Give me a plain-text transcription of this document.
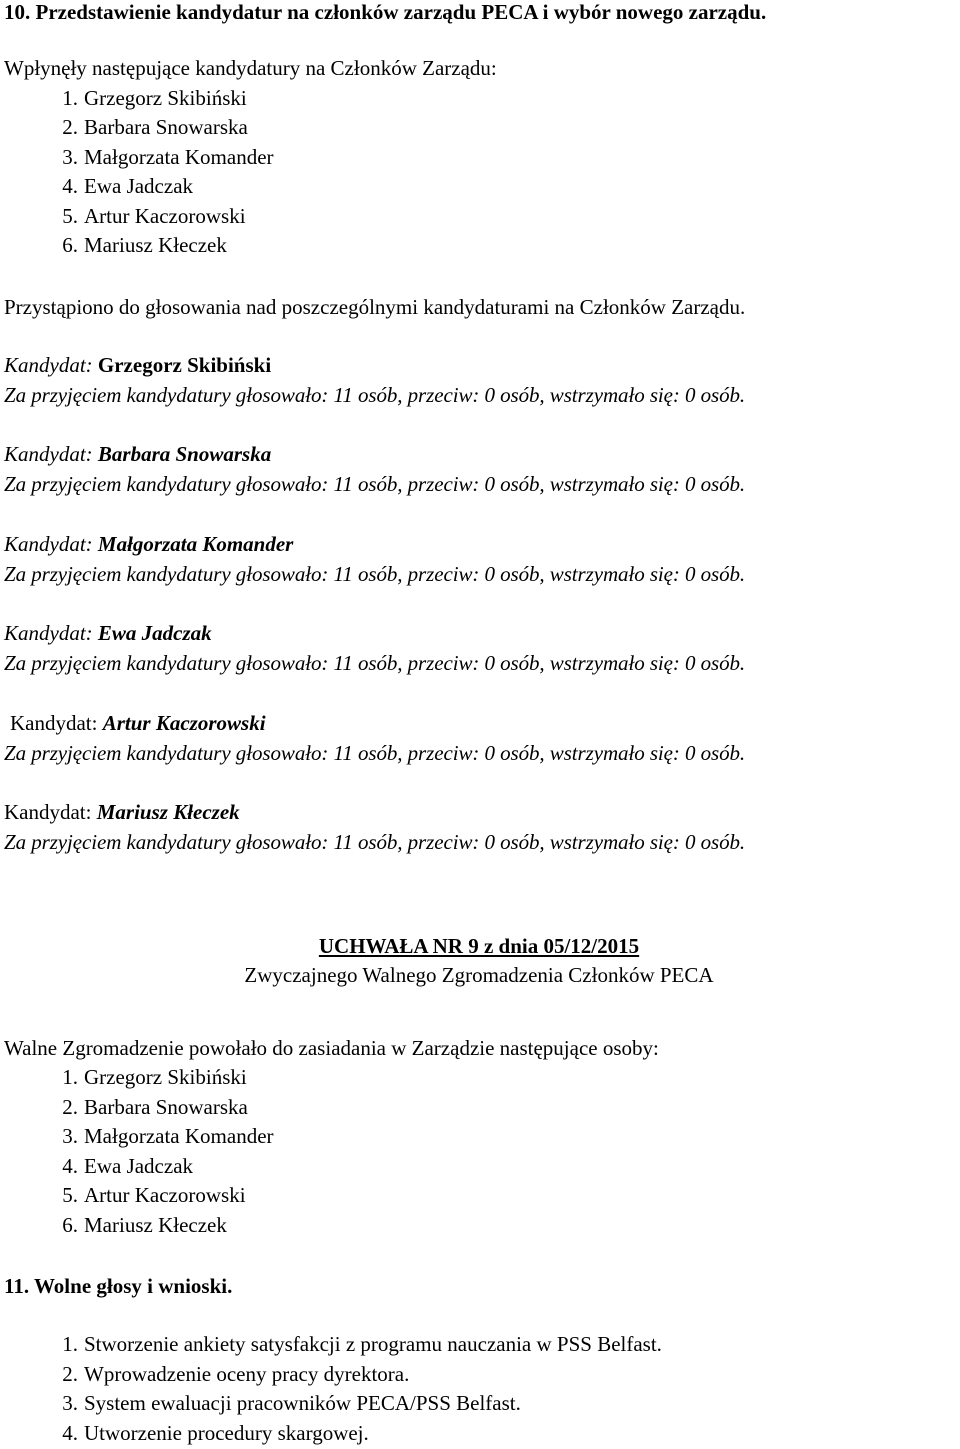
10. Przedstawienie kandydatur na członków zarządu PECA i wybór nowego zarządu.
Wpłynęły następujące kandydatury na Członków Zarządu:
1. Grzegorz Skibiński
2. Barbara Snowarska
3. Małgorzata Komander
4. Ewa Jadczak
5. Artur Kaczorowski
6. Mariusz Kłeczek
Przystąpiono do głosowania nad poszczególnymi kandydaturami na Członków Zarządu.
Kandydat: Grzegorz Skibiński
Za przyjęciem kandydatury głosowało: 11 osób, przeciw: 0 osób, wstrzymało się: 0 osób.
Kandydat: Barbara Snowarska
Za przyjęciem kandydatury głosowało: 11 osób, przeciw: 0 osób, wstrzymało się: 0 osób.
Kandydat: Małgorzata Komander
Za przyjęciem kandydatury głosowało: 11 osób, przeciw: 0 osób, wstrzymało się: 0 osób.
Kandydat: Ewa Jadczak
Za przyjęciem kandydatury głosowało: 11 osób, przeciw: 0 osób, wstrzymało się: 0 osób.
Kandydat: Artur Kaczorowski
Za przyjęciem kandydatury głosowało: 11 osób, przeciw: 0 osób, wstrzymało się: 0 osób.
Kandydat: Mariusz Kłeczek
Za przyjęciem kandydatury głosowało: 11 osób, przeciw: 0 osób, wstrzymało się: 0 osób.
UCHWAŁA NR 9 z dnia 05/12/2015
Zwyczajnego Walnego Zgromadzenia Członków PECA
Walne Zgromadzenie powołało do zasiadania w Zarządzie następujące osoby:
1. Grzegorz Skibiński
2. Barbara Snowarska
3. Małgorzata Komander
4. Ewa Jadczak
5. Artur Kaczorowski
6. Mariusz Kłeczek
11. Wolne głosy i wnioski.
1. Stworzenie ankiety satysfakcji z programu nauczania w PSS Belfast.
2. Wprowadzenie oceny pracy dyrektora.
3. System ewaluacji pracowników PECA/PSS Belfast.
4. Utworzenie procedury skargowej.
